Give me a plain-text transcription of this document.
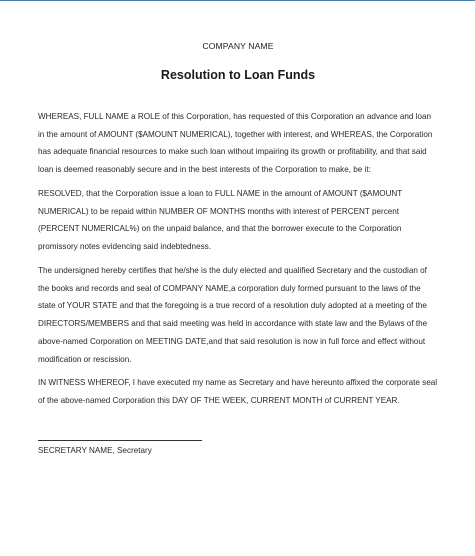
COMPANY NAME
Resolution to Loan Funds

WHEREAS, FULL NAME a ROLE of this Corporation, has requested of this Corporation an advance and loan in the amount of AMOUNT ($AMOUNT NUMERICAL), together with interest, and WHEREAS, the Corporation has adequate financial resources to make such loan without impairing its growth or profitability, and that said loan is deemed reasonably secure and in the best interests of the Corporation to make, be it:

RESOLVED, that the Corporation issue a loan to FULL NAME in the amount of AMOUNT ($AMOUNT NUMERICAL) to be repaid within NUMBER OF MONTHS months with interest of PERCENT percent (PERCENT NUMERICAL%) on the unpaid balance, and that the borrower execute to the Corporation promissory notes evidencing said indebtedness.

The undersigned hereby certifies that he/she is the duly elected and qualified Secretary and the custodian of the books and records and seal of COMPANY NAME,a corporation duly formed pursuant to the laws of the state of YOUR STATE and that the foregoing is a true record of a resolution duly adopted at a meeting of the DIRECTORS/MEMBERS and that said meeting was held in accordance with state law and the Bylaws of the above-named Corporation on MEETING DATE,and that said resolution is now in full force and effect without modification or rescission.

IN WITNESS WHEREOF, I have executed my name as Secretary and have hereunto affixed the corporate seal of the above-named Corporation this DAY OF THE WEEK, CURRENT MONTH of CURRENT YEAR.

SECRETARY NAME, Secretary
